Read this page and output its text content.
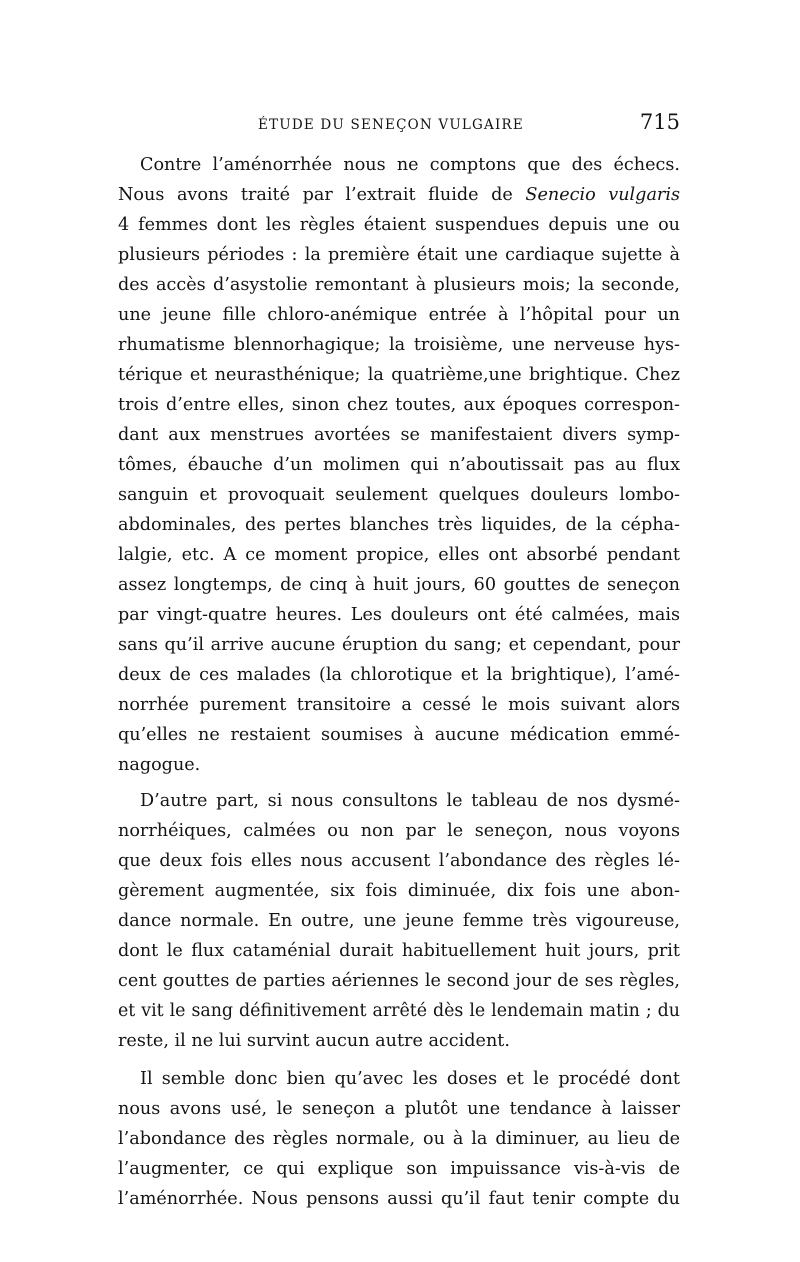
ÉTUDE DU SENEÇON VULGAIRE	715
Contre l’aménorrhée nous ne comptons que des échecs.
Nous avons traité par l’extrait fluide de Senecio vulgaris
4 femmes dont les règles étaient suspendues depuis une ou
plusieurs périodes : la première était une cardiaque sujette à
des accès d’asystolie remontant à plusieurs mois; la seconde,
une jeune fille chloro-anémique entrée à l’hôpital pour un
rhumatisme blennorhagique; la troisième, une nerveuse hys-
térique et neurasthénique; la quatrième,une brightique. Chez
trois d’entre elles, sinon chez toutes, aux époques correspon-
dant aux menstrues avortées se manifestaient divers symp-
tômes, ébauche d’un molimen qui n’aboutissait pas au flux
sanguin et provoquait seulement quelques douleurs lombo-
abdominales, des pertes blanches très liquides, de la cépha-
lalgie, etc. A ce moment propice, elles ont absorbé pendant
assez longtemps, de cinq à huit jours, 60 gouttes de seneçon
par vingt-quatre heures. Les douleurs ont été calmées, mais
sans qu’il arrive aucune éruption du sang; et cependant, pour
deux de ces malades (la chlorotique et la brightique), l’amé-
norrhée purement transitoire a cessé le mois suivant alors
qu’elles ne restaient soumises à aucune médication emmé-
nagogue.
D’autre part, si nous consultons le tableau de nos dysmé-
norrhéiques, calmées ou non par le seneçon, nous voyons
que deux fois elles nous accusent l’abondance des règles lé-
gèrement augmentée, six fois diminuée, dix fois une abon-
dance normale. En outre, une jeune femme très vigoureuse,
dont le flux cataménial durait habituellement huit jours, prit
cent gouttes de parties aériennes le second jour de ses règles,
et vit le sang définitivement arrêté dès le lendemain matin ; du
reste, il ne lui survint aucun autre accident.
Il semble donc bien qu’avec les doses et le procédé dont
nous avons usé, le seneçon a plutôt une tendance à laisser
l’abondance des règles normale, ou à la diminuer, au lieu de
l’augmenter, ce qui explique son impuissance vis-à-vis de
l’aménorrhée. Nous pensons aussi qu’il faut tenir compte du
